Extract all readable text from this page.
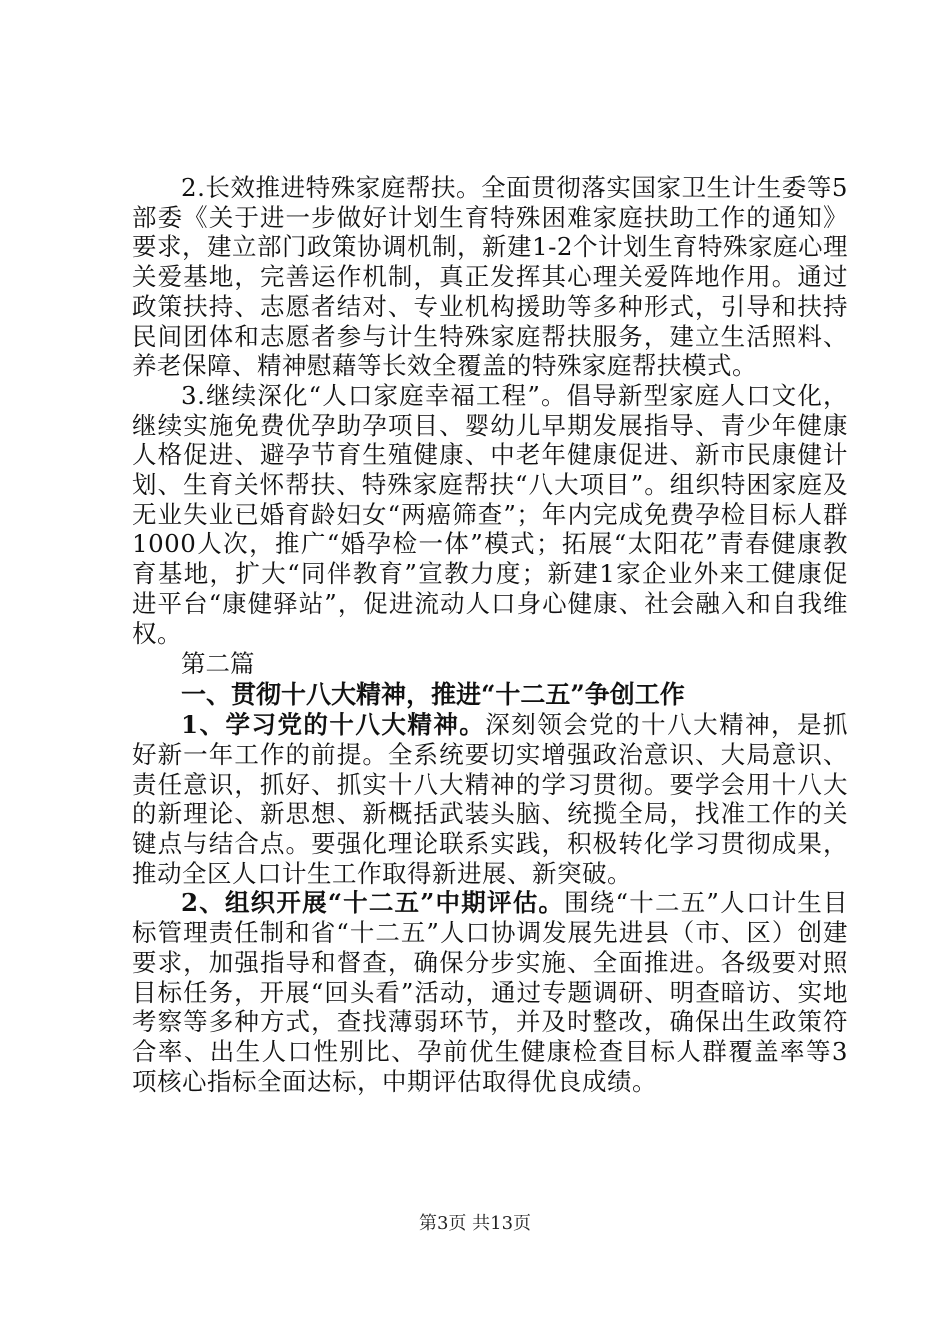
2.长效推进特殊家庭帮扶。全面贯彻落实国家卫生计生委等5部委《关于进一步做好计划生育特殊困难家庭扶助工作的通知》要求，建立部门政策协调机制，新建1-2个计划生育特殊家庭心理关爱基地，完善运作机制，真正发挥其心理关爱阵地作用。通过政策扶持、志愿者结对、专业机构援助等多种形式，引导和扶持民间团体和志愿者参与计生特殊家庭帮扶服务，建立生活照料、养老保障、精神慰藉等长效全覆盖的特殊家庭帮扶模式。

3.继续深化“人口家庭幸福工程”。倡导新型家庭人口文化，继续实施免费优孕助孕项目、婴幼儿早期发展指导、青少年健康人格促进、避孕节育生殖健康、中老年健康促进、新市民康健计划、生育关怀帮扶、特殊家庭帮扶“八大项目”。组织特困家庭及无业失业已婚育龄妇女“两癌筛查”；年内完成免费孕检目标人群1000人次，推广“婚孕检一体”模式；拓展“太阳花”青春健康教育基地，扩大“同伴教育”宣教力度；新建1家企业外来工健康促进平台“康健驿站”，促进流动人口身心健康、社会融入和自我维权。

第二篇

一、贯彻十八大精神，推进“十二五”争创工作

1、学习党的十八大精神。深刻领会党的十八大精神，是抓好新一年工作的前提。全系统要切实增强政治意识、大局意识、责任意识，抓好、抓实十八大精神的学习贯彻。要学会用十八大的新理论、新思想、新概括武装头脑、统揽全局，找准工作的关键点与结合点。要强化理论联系实践，积极转化学习贯彻成果，推动全区人口计生工作取得新进展、新突破。

2、组织开展“十二五”中期评估。围绕“十二五”人口计生目标管理责任制和省“十二五”人口协调发展先进县（市、区）创建要求，加强指导和督查，确保分步实施、全面推进。各级要对照目标任务，开展“回头看”活动，通过专题调研、明查暗访、实地考察等多种方式，查找薄弱环节，并及时整改，确保出生政策符合率、出生人口性别比、孕前优生健康检查目标人群覆盖率等3项核心指标全面达标，中期评估取得优良成绩。

第3页 共13页
